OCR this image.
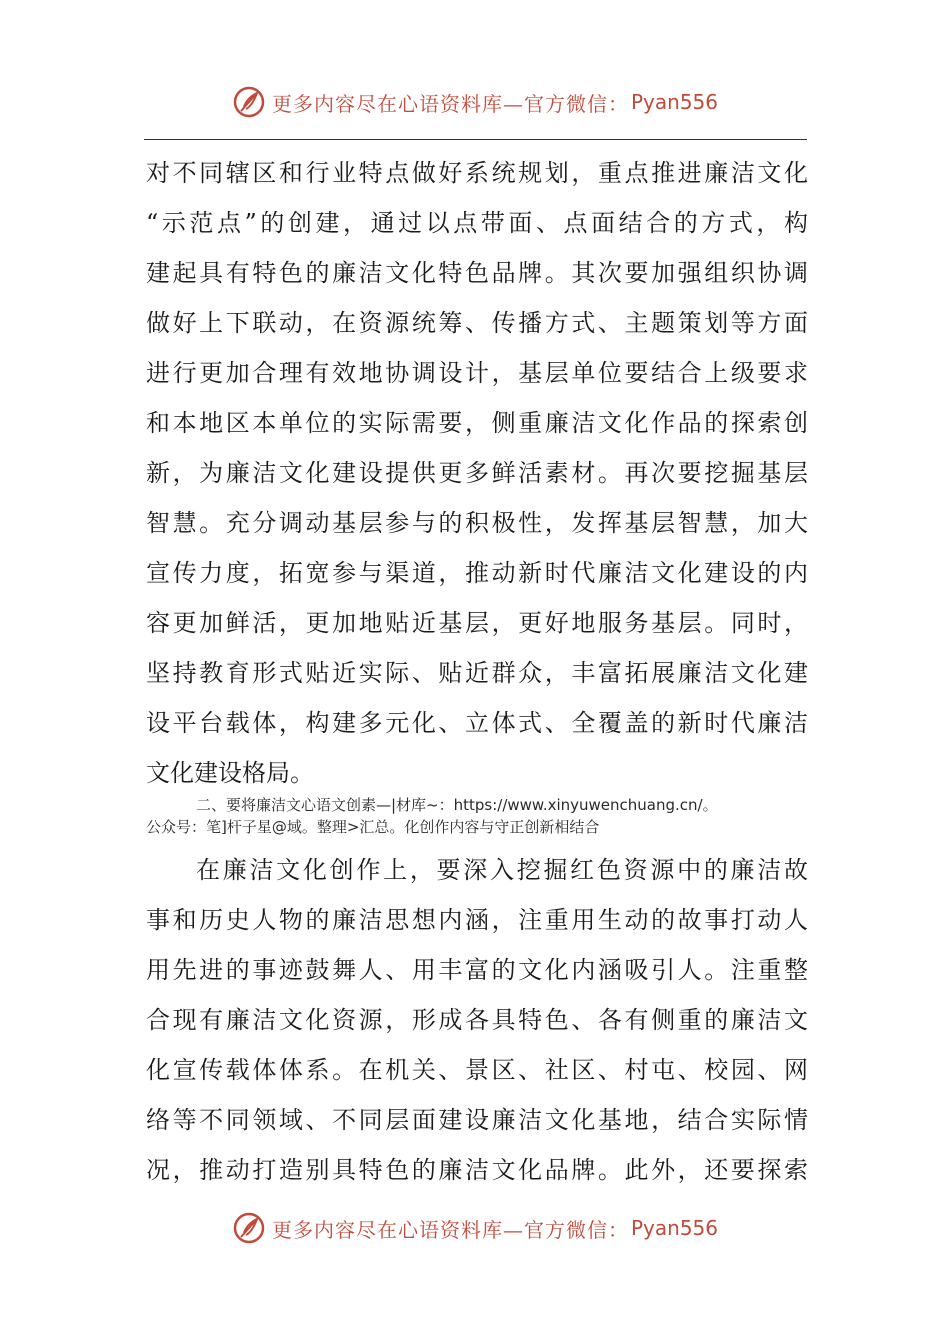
更多内容尽在心语资料库—官方微信： Pyan556
对不同辖区和行业特点做好系统规划，重点推进廉洁文化
“示范点”的创建，通过以点带面、点面结合的方式，构
建起具有特色的廉洁文化特色品牌。其次要加强组织协调
做好上下联动，在资源统筹、传播方式、主题策划等方面
进行更加合理有效地协调设计，基层单位要结合上级要求
和本地区本单位的实际需要，侧重廉洁文化作品的探索创
新，为廉洁文化建设提供更多鲜活素材。再次要挖掘基层
智慧。充分调动基层参与的积极性，发挥基层智慧，加大
宣传力度，拓宽参与渠道，推动新时代廉洁文化建设的内
容更加鲜活，更加地贴近基层，更好地服务基层。同时，
坚持教育形式贴近实际、贴近群众，丰富拓展廉洁文化建
设平台载体，构建多元化、立体式、全覆盖的新时代廉洁
文化建设格局。
二、要将廉洁文心语文创素—|材库~：https://www.xinyuwenchuang.cn/。
公众号：笔]杆子星@域。整理>汇总。化创作内容与守正创新相结合
在廉洁文化创作上，要深入挖掘红色资源中的廉洁故
事和历史人物的廉洁思想内涵，注重用生动的故事打动人
用先进的事迹鼓舞人、用丰富的文化内涵吸引人。注重整
合现有廉洁文化资源，形成各具特色、各有侧重的廉洁文
化宣传载体体系。在机关、景区、社区、村屯、校园、网
络等不同领域、不同层面建设廉洁文化基地，结合实际情
况，推动打造别具特色的廉洁文化品牌。此外，还要探索
更多内容尽在心语资料库—官方微信： Pyan556
